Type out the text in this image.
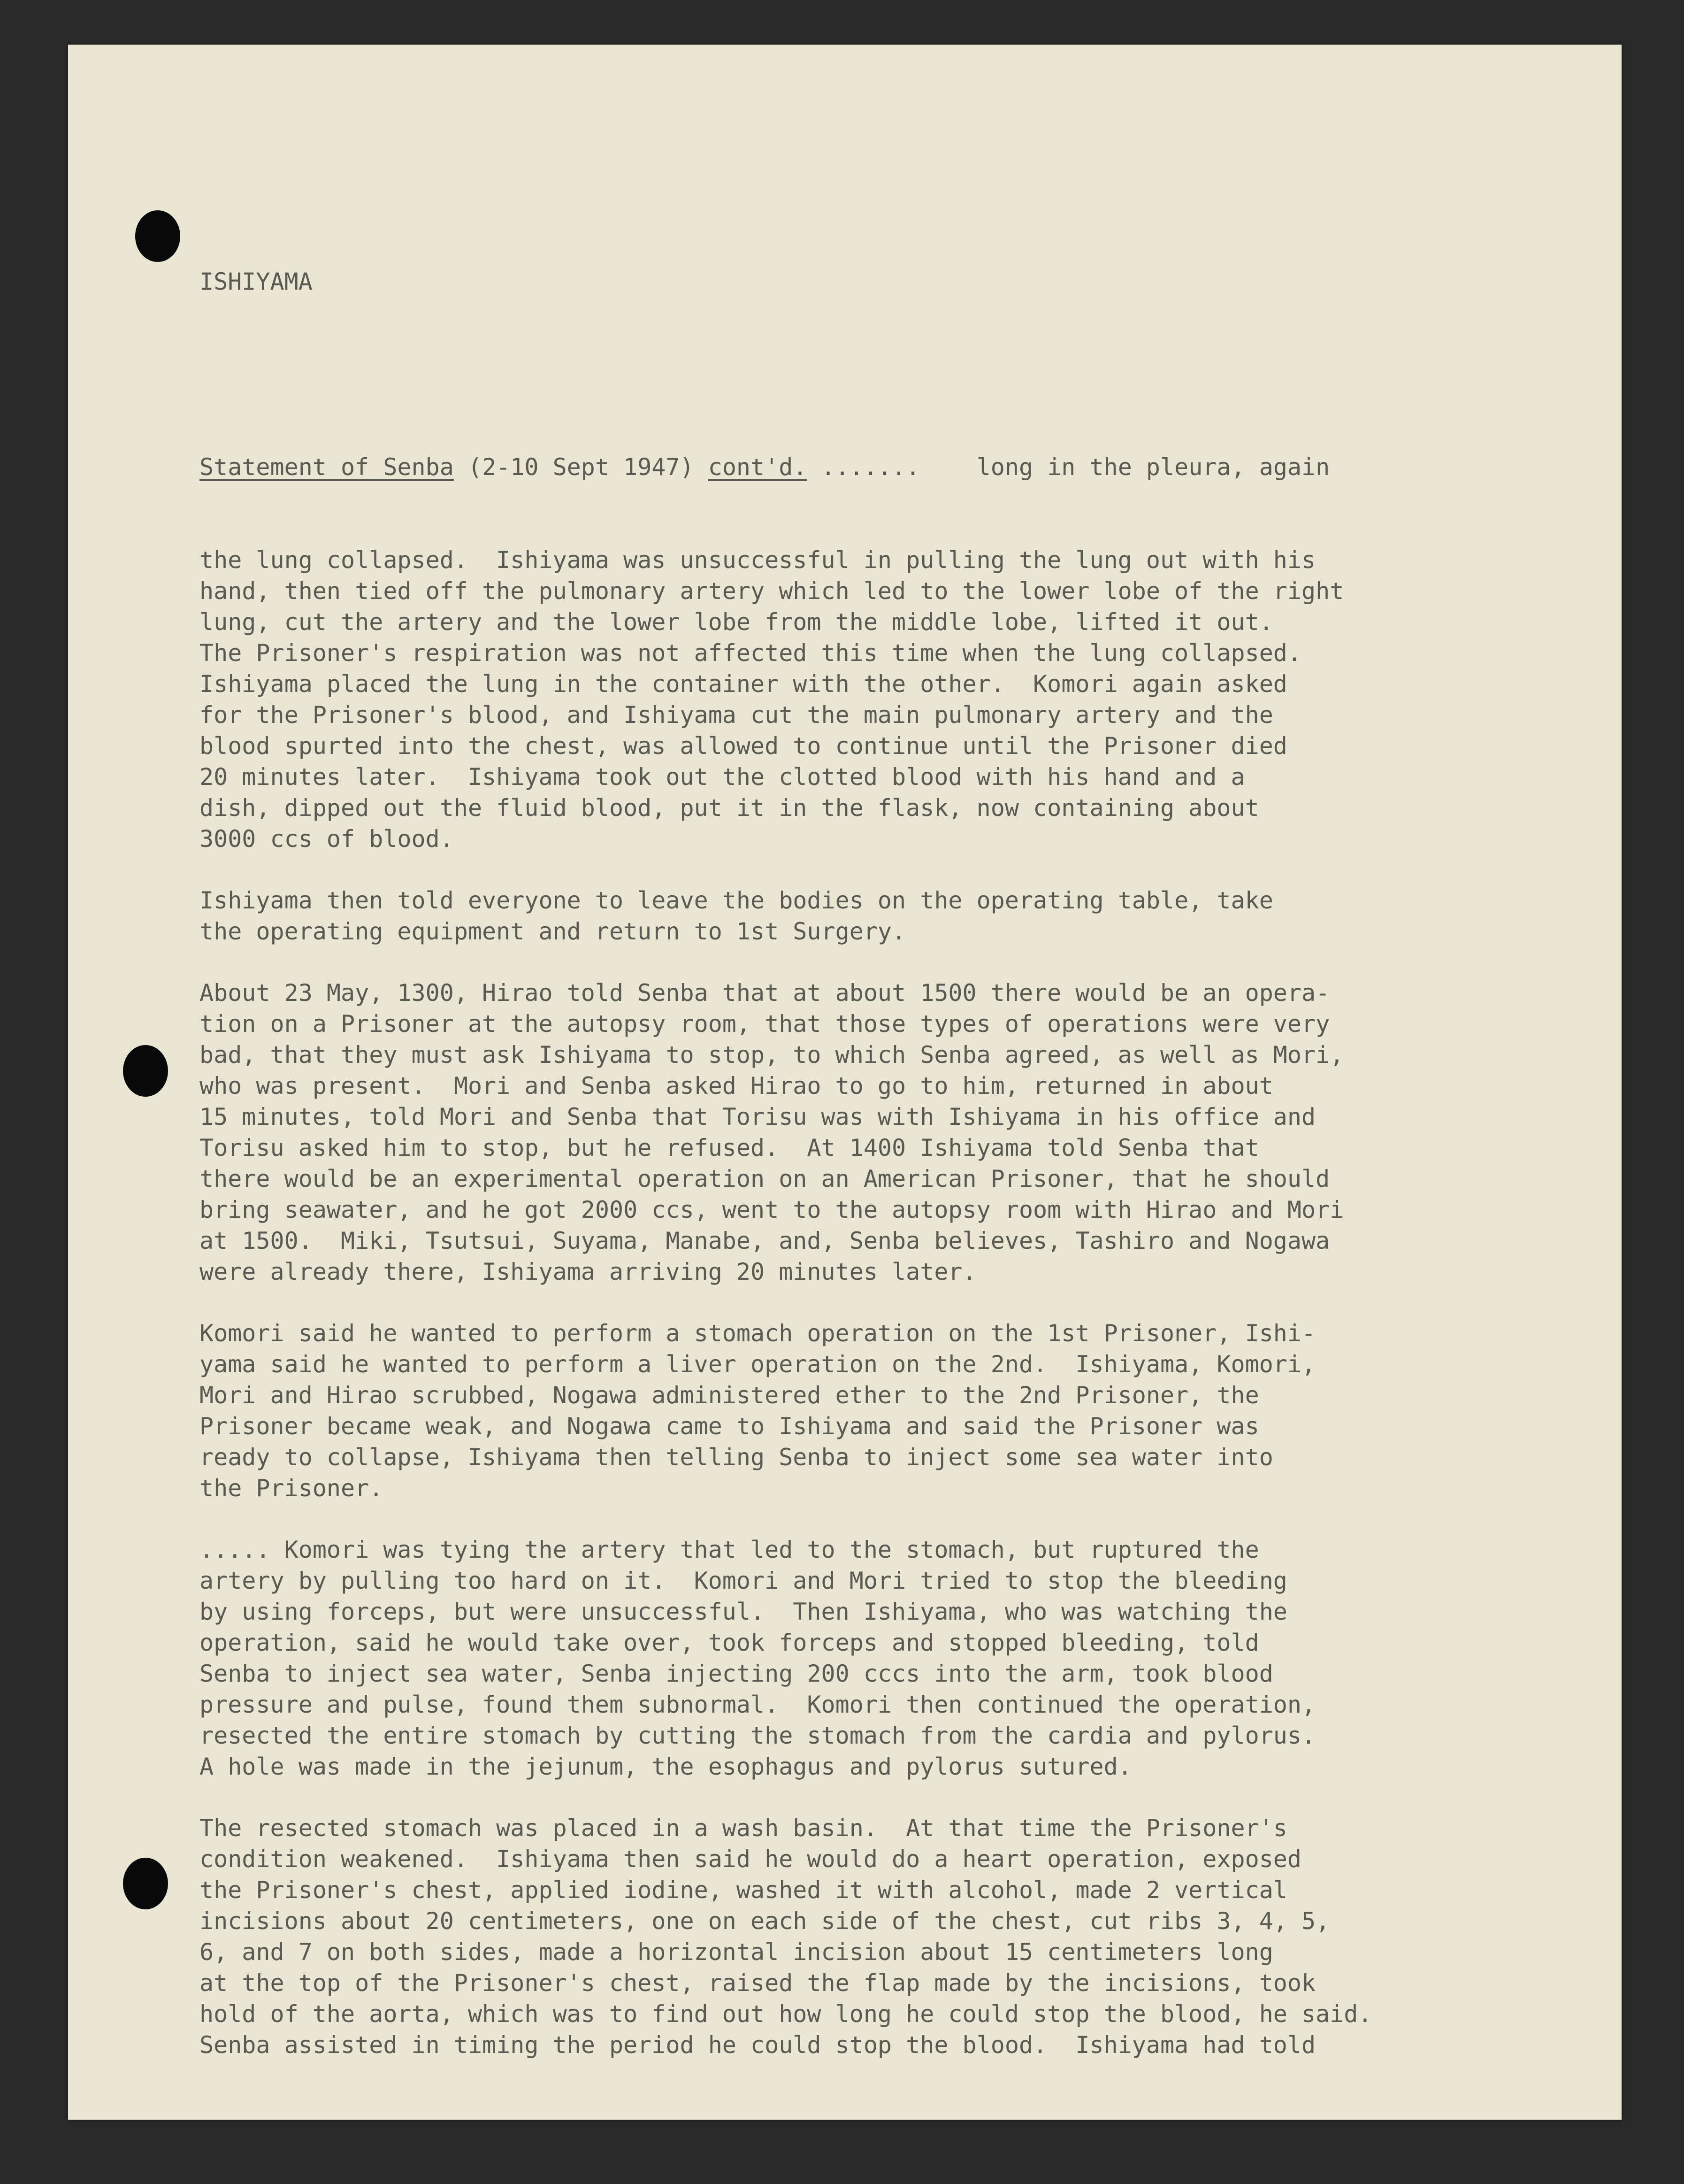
ISHIYAMA

Statement of Senba (2-10 Sept 1947) cont'd. ....... long in the pleura, again

the lung collapsed.  Ishiyama was unsuccessful in pulling the lung out with his
hand, then tied off the pulmonary artery which led to the lower lobe of the right
lung, cut the artery and the lower lobe from the middle lobe, lifted it out.
The Prisoner's respiration was not affected this time when the lung collapsed.
Ishiyama placed the lung in the container with the other.  Komori again asked
for the Prisoner's blood, and Ishiyama cut the main pulmonary artery and the
blood spurted into the chest, was allowed to continue until the Prisoner died
20 minutes later.  Ishiyama took out the clotted blood with his hand and a
dish, dipped out the fluid blood, put it in the flask, now containing about
3000 ccs of blood.
Ishiyama then told everyone to leave the bodies on the operating table, take
the operating equipment and return to 1st Surgery.
About 23 May, 1300, Hirao told Senba that at about 1500 there would be an opera-
tion on a Prisoner at the autopsy room, that those types of operations were very
bad, that they must ask Ishiyama to stop, to which Senba agreed, as well as Mori,
who was present.  Mori and Senba asked Hirao to go to him, returned in about
15 minutes, told Mori and Senba that Torisu was with Ishiyama in his office and
Torisu asked him to stop, but he refused.  At 1400 Ishiyama told Senba that
there would be an experimental operation on an American Prisoner, that he should
bring seawater, and he got 2000 ccs, went to the autopsy room with Hirao and Mori
at 1500.  Miki, Tsutsui, Suyama, Manabe, and, Senba believes, Tashiro and Nogawa
were already there, Ishiyama arriving 20 minutes later.
Komori said he wanted to perform a stomach operation on the 1st Prisoner, Ishi-
yama said he wanted to perform a liver operation on the 2nd.  Ishiyama, Komori,
Mori and Hirao scrubbed, Nogawa administered ether to the 2nd Prisoner, the
Prisoner became weak, and Nogawa came to Ishiyama and said the Prisoner was
ready to collapse, Ishiyama then telling Senba to inject some sea water into
the Prisoner.
..... Komori was tying the artery that led to the stomach, but ruptured the
artery by pulling too hard on it.  Komori and Mori tried to stop the bleeding
by using forceps, but were unsuccessful.  Then Ishiyama, who was watching the
operation, said he would take over, took forceps and stopped bleeding, told
Senba to inject sea water, Senba injecting 200 cccs into the arm, took blood
pressure and pulse, found them subnormal.  Komori then continued the operation,
resected the entire stomach by cutting the stomach from the cardia and pylorus.
A hole was made in the jejunum, the esophagus and pylorus sutured.
The resected stomach was placed in a wash basin.  At that time the Prisoner's
condition weakened.  Ishiyama then said he would do a heart operation, exposed
the Prisoner's chest, applied iodine, washed it with alcohol, made 2 vertical
incisions about 20 centimeters, one on each side of the chest, cut ribs 3, 4, 5,
6, and 7 on both sides, made a horizontal incision about 15 centimeters long
at the top of the Prisoner's chest, raised the flap made by the incisions, took
hold of the aorta, which was to find out how long he could stop the blood, he said.
Senba assisted in timing the period he could stop the blood.  Ishiyama had told
